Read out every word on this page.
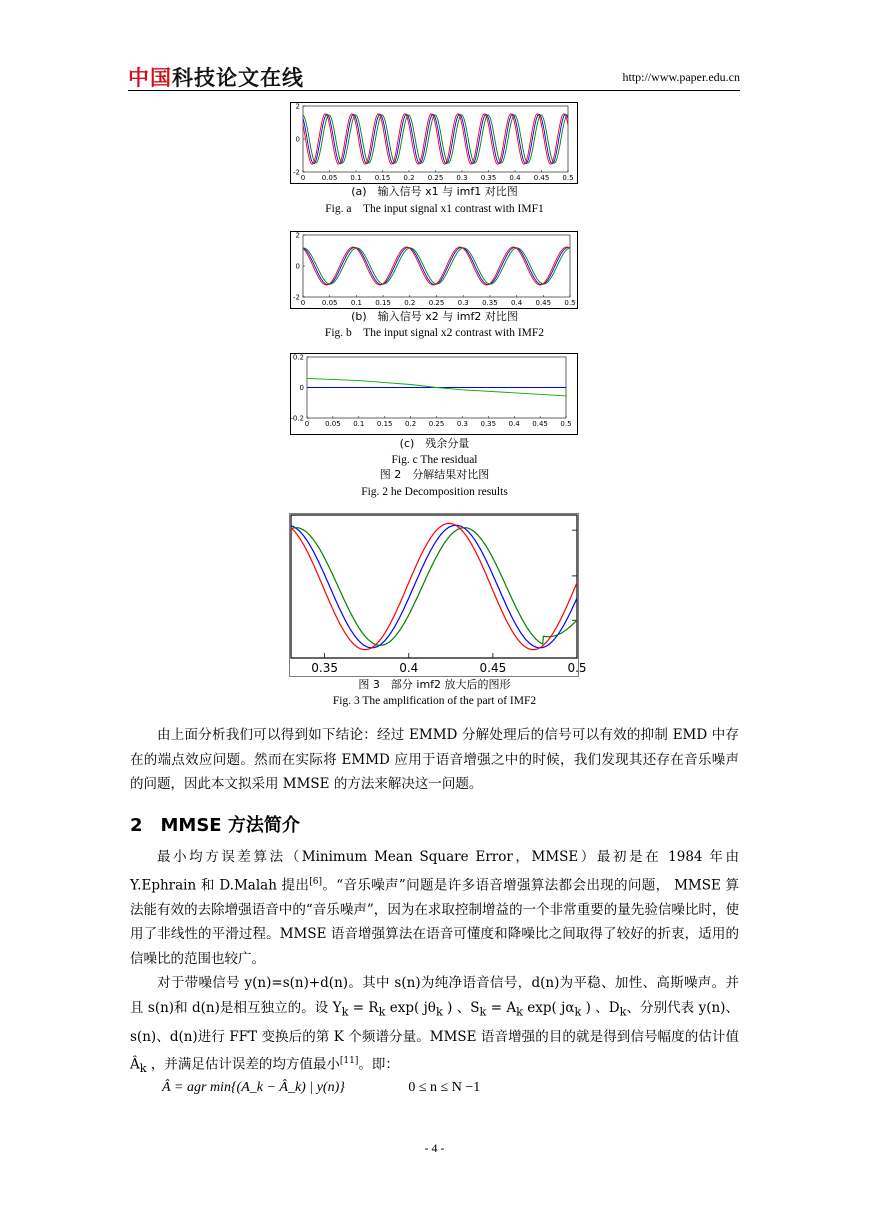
中国科技论文在线	http://www.paper.edu.cn
0 0.05 0.1 0.15 0.2 0.25 0.3 0.35 0.4 0.45 0.5
2
0
-2
(a)　输入信号 x1 与 imf1 对比图
Fig. a　The input signal x1 contrast with IMF1
0 0.05 0.1 0.15 0.2 0.25 0.3 0.35 0.4 0.45 0.5
2
0
-2
(b)　输入信号 x2 与 imf2 对比图
Fig. b　The input signal x2 contrast with IMF2
0 0.05 0.1 0.15 0.2 0.25 0.3 0.35 0.4 0.45 0.5
0.2
0
-0.2
(c)　残余分量
Fig. c The residual
图 2　分解结果对比图
Fig. 2 he Decomposition results
0.35	0.4	0.45	0.5
图 3　部分 imf2 放大后的图形
Fig. 3 The amplification of the part of IMF2

由上面分析我们可以得到如下结论：经过 EMMD 分解处理后的信号可以有效的抑制 EMD 中存在的端点效应问题。然而在实际将 EMMD 应用于语音增强之中的时候，我们发现其还存在音乐噪声的问题，因此本文拟采用 MMSE 的方法来解决这一问题。

2　MMSE 方法简介

最小均方误差算法（Minimum Mean Square Error，MMSE）最初是在 1984 年由 Y.Ephrain 和 D.Malah 提出[6]。“音乐噪声”问题是许多语音增强算法都会出现的问题， MMSE 算法能有效的去除增强语音中的“音乐噪声”，因为在求取控制增益的一个非常重要的量先验信噪比时，使用了非线性的平滑过程。MMSE 语音增强算法在语音可懂度和降噪比之间取得了较好的折衷，适用的信噪比的范围也较广。

对于带噪信号 y(n)=s(n)+d(n)。其中 s(n)为纯净语音信号，d(n)为平稳、加性、高斯噪声。并且 s(n)和 d(n)是相互独立的。设 $Y_k = R_k$ exp( $j\theta_k$ ) 、$S_k = A_k$ exp( $j\alpha_k$ ) 、$D_k$、分别代表 y(n)、s(n)、d(n)进行 FFT 变换后的第 K 个频谱分量。MMSE 语音增强的目的就是得到信号幅度的估计值 $Â_k$ ，并满足估计误差的均方值最小[11]。即：

Â = agr min{(A_k − Â_k) | y(n)}	0 ≤ n ≤ N −1
- 4 -
